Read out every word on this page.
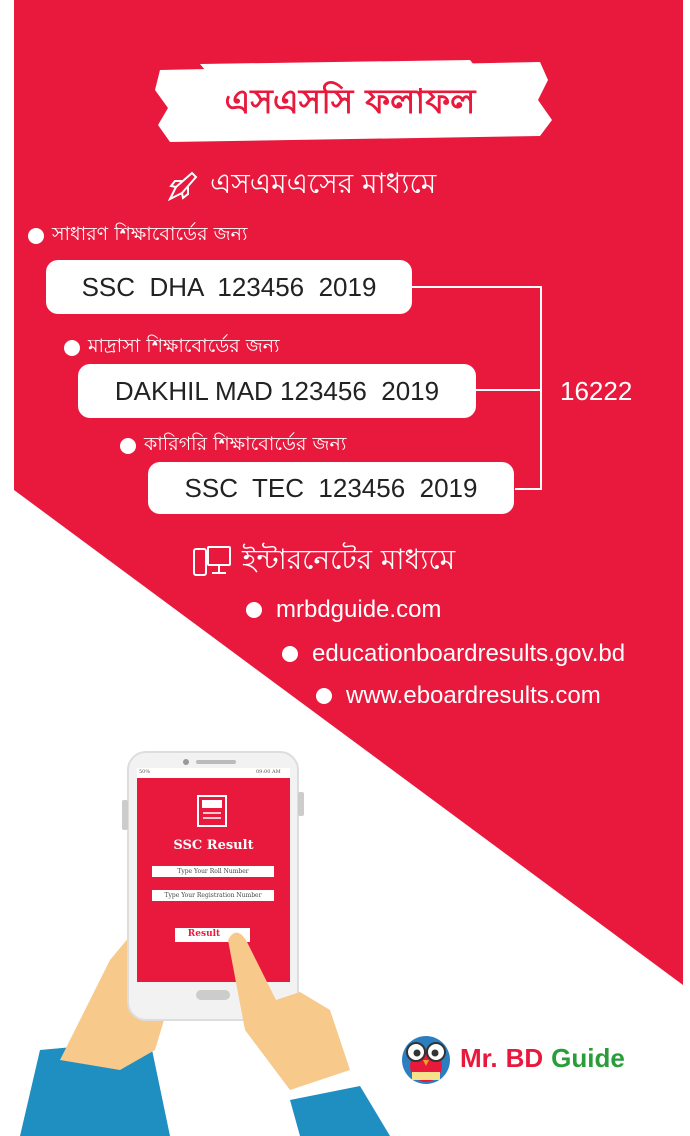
এসএসসি ফলাফল
এসএমএসের মাধ্যমে
সাধারণ শিক্ষাবোর্ডের জন্য
SSC  DHA  123456  2019
মাদ্রাসা শিক্ষাবোর্ডের জন্য
DAKHIL MAD 123456  2019
কারিগরি শিক্ষাবোর্ডের জন্য
SSC  TEC  123456  2019
16222
ইন্টারনেটের মাধ্যমে
mrbdguide.com
educationboardresults.gov.bd
www.eboardresults.com
50%	09:00 AM
SSC Result
Type Your Roll Number
Type Your Registration Number
Result
Mr. BD Guide
